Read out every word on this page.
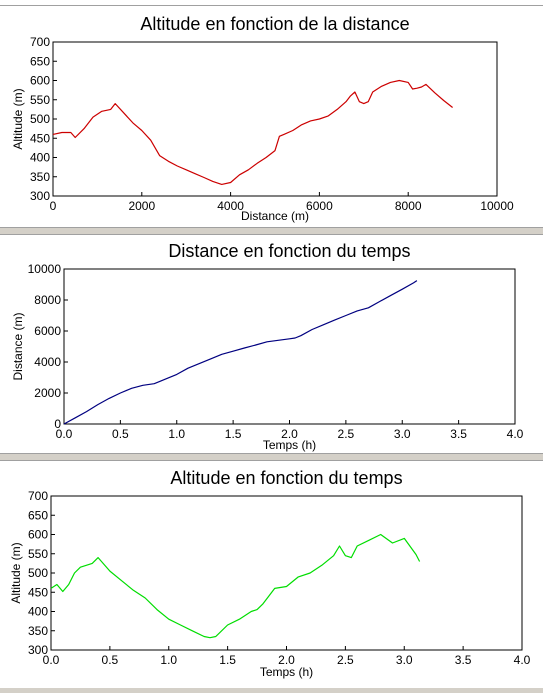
Altitude en fonction de la distance
300
350
400
450
500
550
600
650
700
0	2000	4000	6000	8000	10000
Distance (m)
Altitude (m)
Distance en fonction du temps
0
2000
4000
6000
8000
10000
0.0	0.5	1.0	1.5	2.0	2.5	3.0	3.5	4.0
Temps (h)
Distance (m)
Altitude en fonction du temps
300
350
400
450
500
550
600
650
700
0.0	0.5	1.0	1.5	2.0	2.5	3.0	3.5	4.0
Temps (h)
Altitude (m)
